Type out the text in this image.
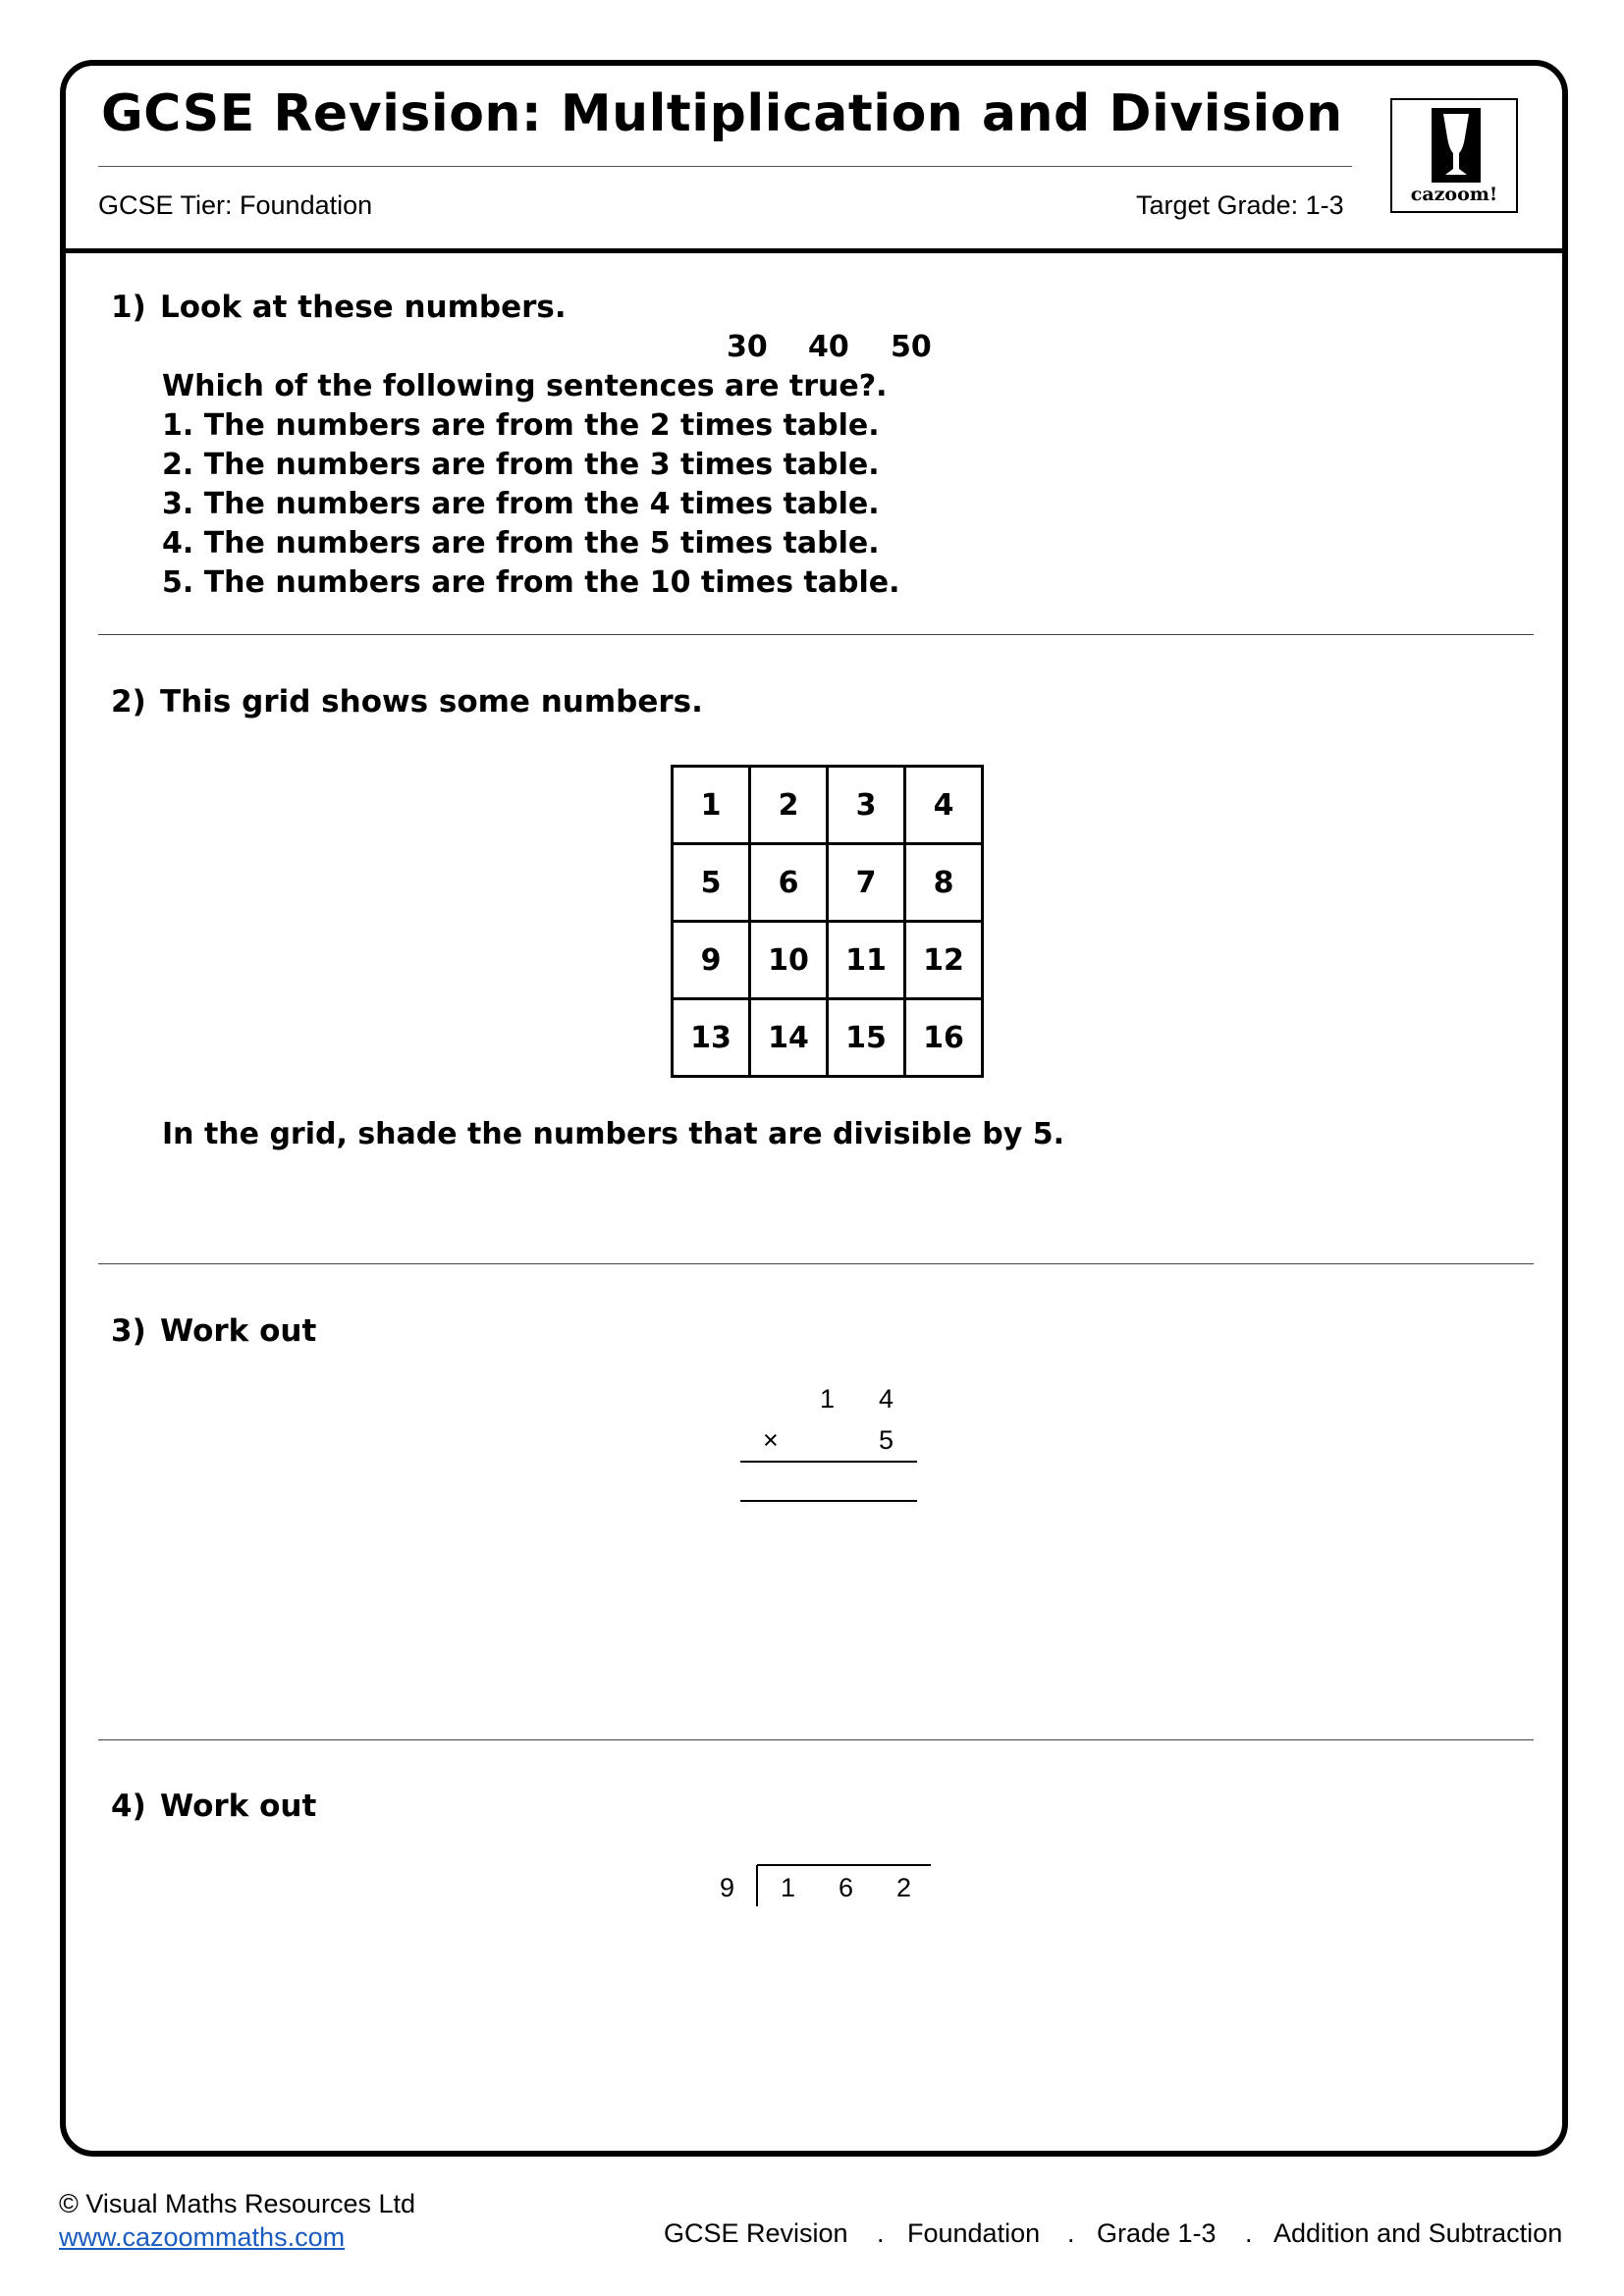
GCSE Revision: Multiplication and Division
GCSE Tier: Foundation	Target Grade: 1-3	cazoom!
1) Look at these numbers.
30 40 50
Which of the following sentences are true?.
1. The numbers are from the 2 times table.
2. The numbers are from the 3 times table.
3. The numbers are from the 4 times table.
4. The numbers are from the 5 times table.
5. The numbers are from the 10 times table.
2) This grid shows some numbers.
1	2	3	4
5	6	7	8
9	10	11	12
13	14	15	16
In the grid, shade the numbers that are divisible by 5.
3) Work out
1 4
×	5
4) Work out
9 1 6 2
© Visual Maths Resources Ltd
www.cazoommaths.com	GCSE Revision . Foundation . Grade 1-3 . Addition and Subtraction
